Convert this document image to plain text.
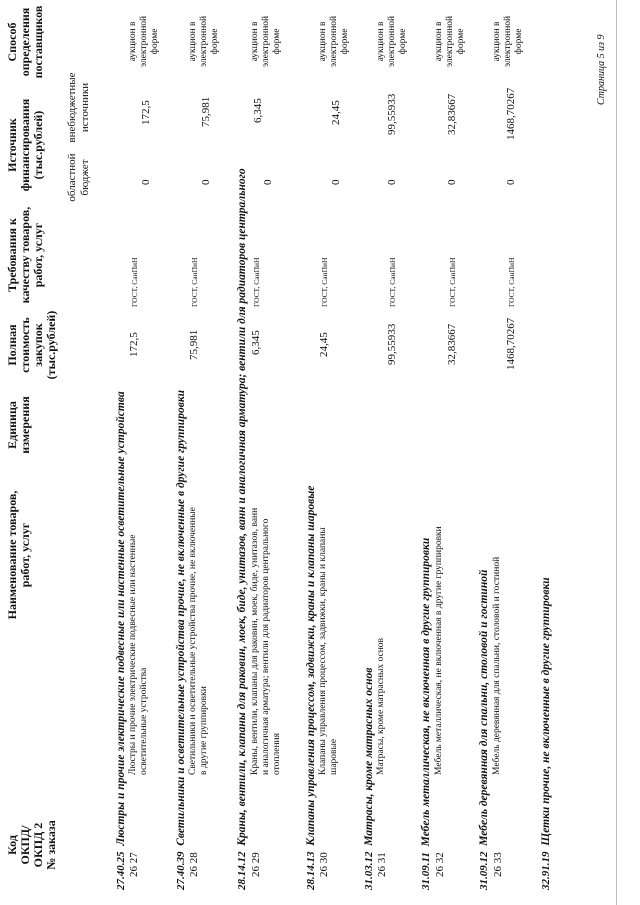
Код ОКПД/ ОКПД 2 № заказа
Наименование товаров, работ, услуг
Единица измерения
Полная стоимость закупок (тыс.рублей)
Требования к качеству товаров, работ, услуг
Источник финансирования (тыс.рублей) областной бюджет
внебюджетные источники
Способ определения поставщиков
27.40.25  Люстры и прочие электрические подвесные или настенные осветительные устройства
26 27
Люстры и прочие электрические подвесные или настенные осветительные устройства
172,5
ГОСТ, СанПиН
0
172,5
аукцион в электронной форме
27.40.39  Светильники и осветительные устройства прочие, не включенные в другие группировки
26 28
Светильники и осветительные устройства прочие, не включенные в другие группировки
75,981
ГОСТ, СанПиН
0
75,981
аукцион в электронной форме
28.14.12  Краны, вентили, клапаны для раковин, моек, биде, унитазов, ванн и аналогичная арматура; вентили для радиаторов центрального
26 29
Краны, вентили, клапаны для раковин, моек, биде, унитазов, ванн и аналогичная арматура; вентили для радиаторов центрального отопления
6,345
ГОСТ, СанПиН
0
6,345
аукцион в электронной форме
28.14.13  Клапаны управления процессом, задвижки, краны и клапаны шаровые
26 30
Клапаны управления процессом, задвижки, краны и клапаны шаровые
24,45
ГОСТ, СанПиН
0
24,45
аукцион в электронной форме
31.03.12  Матрасы, кроме матрасных основ
26 31
Матрасы, кроме матрасных основ
99,55933
ГОСТ, СанПиН
0
99,55933
аукцион в электронной форме
31.09.11  Мебель металлическая, не включенная в другие группировки
26 32
Мебель металлическая, не включенная в другие группировки
32,83667
ГОСТ, СанПиН
0
32,83667
аукцион в электронной форме
31.09.12  Мебель деревянная для спальни, столовой и гостиной
26 33
Мебель деревянная для спальни, столовой и гостиной
1468,70267
ГОСТ, СанПиН
0
1468,70267
аукцион в электронной форме
32.91.19  Щетки прочие, не включенные в другие группировки
Страница 5 из 9
